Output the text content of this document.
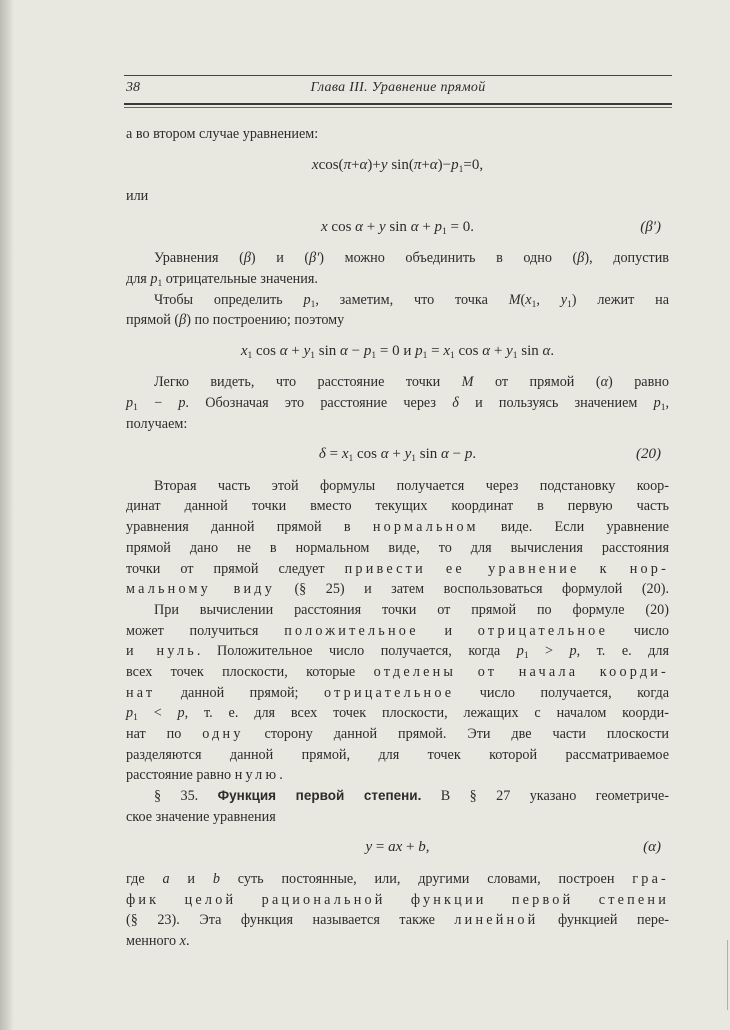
38	Глава III. Уравнение прямой
а во втором случае уравнением:
xcos(π+α)+y $\sin(\pi+\alpha)-p_1=0$,
или
x cos α + y $\sin \alpha + p_1 = 0$.	(β′)
Уравнения (β) и (β′) можно объединить в одно (β), допустив
для $p_1$ отрицательные значения.
Чтобы определить $p_1$, заметим, что точка $M(x_1$, $y_1$) лежит на
прямой (β) по построению; поэтому
$x_1$ $\cos \alpha + y_1$ $\sin \alpha - p_1 = 0$ и $p_1 = x_1$ $\cos \alpha + y_1$ sin α.
Легко видеть, что расстояние точки M от прямой (α) равно
$p_1 - p$. Обозначая это расстояние через δ и пользуясь значением $p_1$,
получаем:
$\delta = x_1$ $\cos \alpha + y_1$ sin α − p.	(20)
Вторая часть этой формулы получается через подстановку коор-
динат данной точки вместо текущих координат в первую часть
уравнения данной прямой в нормальном виде. Если уравнение
прямой дано не в нормальном виде, то для вычисления расстояния
точки от прямой следует привести ее уравнение к нор-
мальному виду (§ 25) и затем воспользоваться формулой (20).
При вычислении расстояния точки от прямой по формуле (20)
может получиться положительное и отрицательное число
и нуль. Положительное число получается, когда $p_1 > p$, т. е. для
всех точек плоскости, которые отделены от начала коорди-
нат данной прямой; отрицательное число получается, когда
$p_1 < p$, т. е. для всех точек плоскости, лежащих с началом коорди-
нат по одну сторону данной прямой. Эти две части плоскости
разделяются данной прямой, для точек которой рассматриваемое
расстояние равно нулю.
§ 35. Функция первой степени. В § 27 указано геометриче-
ское значение уравнения
y = ax + b,	(α)
где a и b суть постоянные, или, другими словами, построен гра-
фик целой рациональной функции первой степени
(§ 23). Эта функция называется также линейной функцией пере-
менного x.
